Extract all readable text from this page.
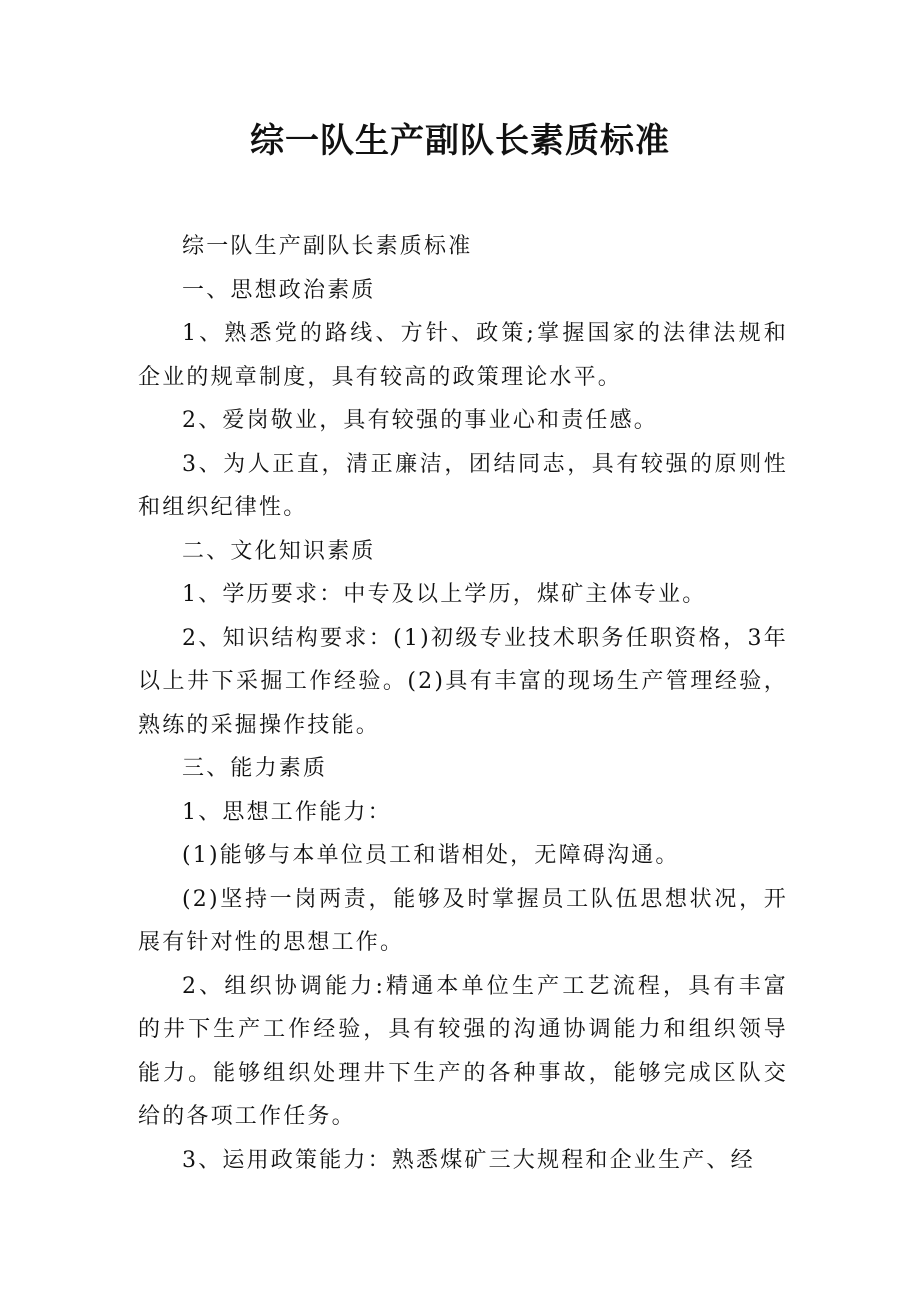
综一队生产副队长素质标准

综一队生产副队长素质标准

一、思想政治素质

1、熟悉党的路线、方针、政策;掌握国家的法律法规和企业的规章制度，具有较高的政策理论水平。

2、爱岗敬业，具有较强的事业心和责任感。

3、为人正直，清正廉洁，团结同志，具有较强的原则性和组织纪律性。

二、文化知识素质

1、学历要求：中专及以上学历，煤矿主体专业。

2、知识结构要求：(1)初级专业技术职务任职资格，3年以上井下采掘工作经验。(2)具有丰富的现场生产管理经验，熟练的采掘操作技能。

三、能力素质

1、思想工作能力：

(1)能够与本单位员工和谐相处，无障碍沟通。

(2)坚持一岗两责，能够及时掌握员工队伍思想状况，开展有针对性的思想工作。

2、组织协调能力:精通本单位生产工艺流程，具有丰富的井下生产工作经验，具有较强的沟通协调能力和组织领导能力。能够组织处理井下生产的各种事故，能够完成区队交给的各项工作任务。

3、运用政策能力：熟悉煤矿三大规程和企业生产、经
